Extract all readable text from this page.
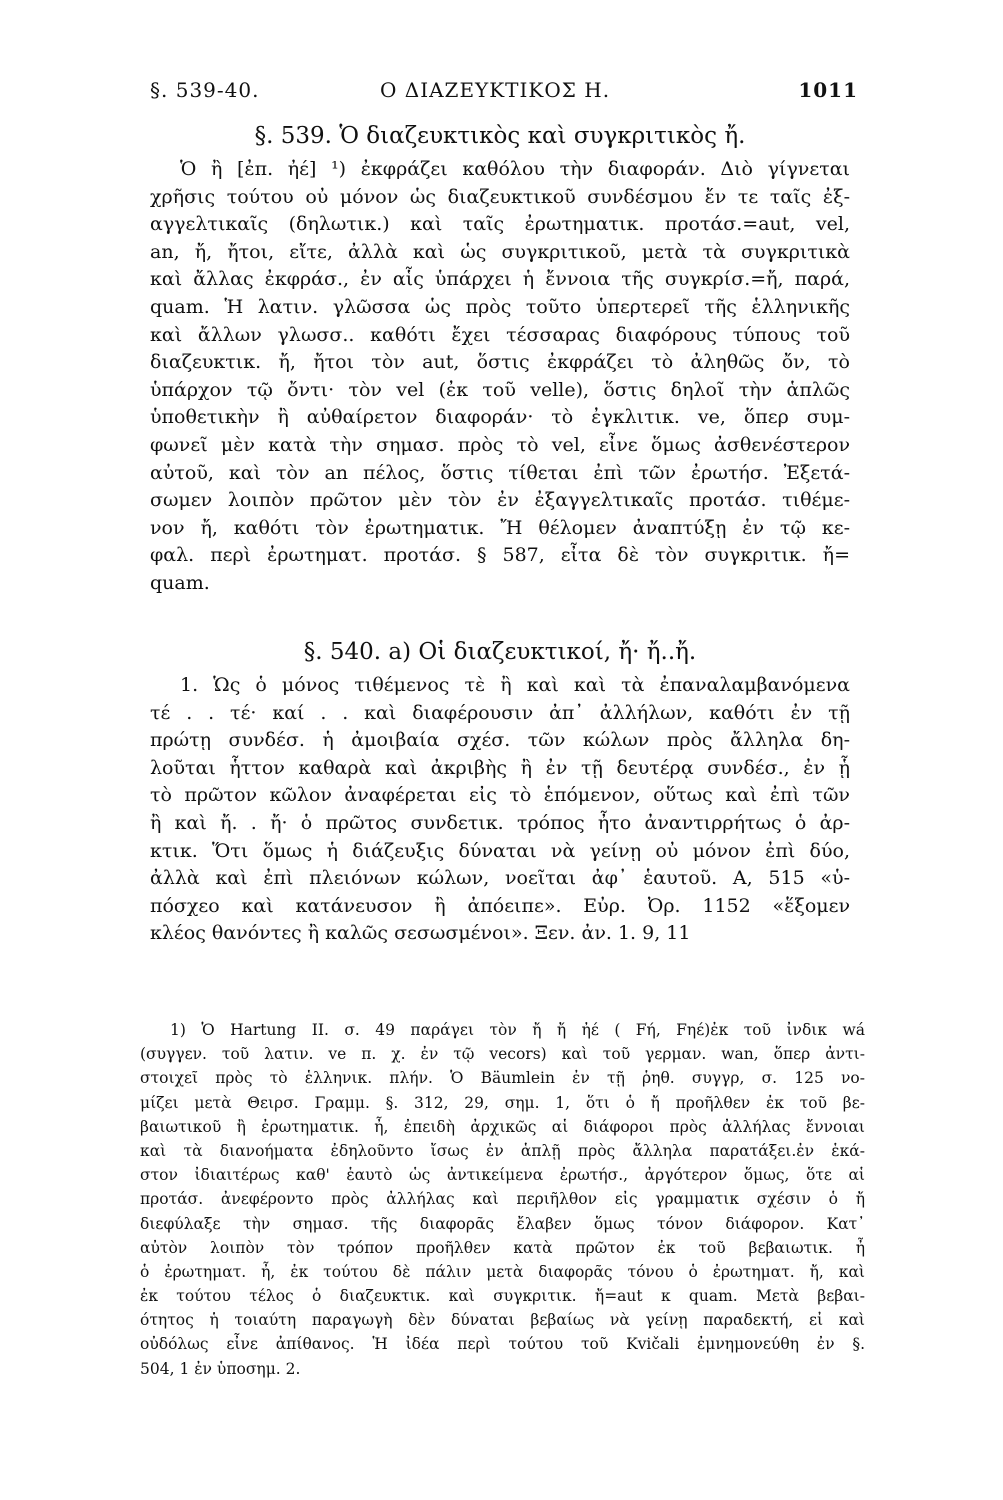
§. 539-40.	Ο ΔΙΑΖΕΥΚΤΙΚΟΣ Η.	1011
§. 539. Ὁ διαζευκτικὸς καὶ συγκριτικὸς ἤ.
Ὁ ἢ [ἐπ. ἠέ] ¹) ἐκφράζει καθόλου τὴν διαφοράν. Διὸ γίγνεται
χρῆσις τούτου οὐ μόνον ὡς διαζευκτικοῦ συνδέσμου ἔν τε ταῖς ἐξ-
αγγελτικαῖς (δηλωτικ.) καὶ ταῖς ἐρωτηματικ. προτάσ.=aut, vel,
an, ἤ, ἤτοι, εἴτε, ἀλλὰ καὶ ὡς συγκριτικοῦ, μετὰ τὰ συγκριτικὰ
καὶ ἄλλας ἐκφράσ., ἐν αἷς ὑπάρχει ἡ ἔννοια τῆς συγκρίσ.=ἤ, παρά,
quam. Ἡ λατιν. γλῶσσα ὡς πρὸς τοῦτο ὑπερτερεῖ τῆς ἑλληνικῆς
καὶ ἄλλων γλωσσ.. καθότι ἔχει τέσσαρας διαφόρους τύπους τοῦ
διαζευκτικ. ἤ, ἤτοι τὸν aut, ὅστις ἐκφράζει τὸ ἀληθῶς ὄν, τὸ
ὑπάρχον τῷ ὄντι· τὸν vel (ἐκ τοῦ velle), ὅστις δηλοῖ τὴν ἁπλῶς
ὑποθετικὴν ἢ αὐθαίρετον διαφοράν· τὸ ἐγκλιτικ. ve, ὅπερ συμ-
φωνεῖ μὲν κατὰ τὴν σημασ. πρὸς τὸ vel, εἶνε ὅμως ἀσθενέστερον
αὐτοῦ, καὶ τὸν an πέλος, ὅστις τίθεται ἐπὶ τῶν ἐρωτήσ. Ἐξετά-
σωμεν λοιπὸν πρῶτον μὲν τὸν ἐν ἐξαγγελτικαῖς προτάσ. τιθέμε-
νον ἤ, καθότι τὸν ἐρωτηματικ. Ἤ θέλομεν ἀναπτύξῃ ἐν τῷ κε-
φαλ. περὶ ἐρωτηματ. προτάσ. § 587, εἶτα δὲ τὸν συγκριτικ. ἤ=
quam.
§. 540. a) Οἱ διαζευκτικοί, ἤ· ἤ..ἤ.
1. Ὡς ὁ μόνος τιθέμενος τὲ ἢ καὶ καὶ τὰ ἐπαναλαμβανόμενα
τέ . . τέ· καί . . καὶ διαφέρουσιν ἀπ᾽ ἀλλήλων, καθότι ἐν τῇ
πρώτῃ συνδέσ. ἡ ἀμοιβαία σχέσ. τῶν κώλων πρὸς ἄλληλα δη-
λοῦται ἧττον καθαρὰ καὶ ἀκριβὴς ἢ ἐν τῇ δευτέρᾳ συνδέσ., ἐν ᾗ
τὸ πρῶτον κῶλον ἀναφέρεται εἰς τὸ ἑπόμενον, οὕτως καὶ ἐπὶ τῶν
ἢ καὶ ἤ. . ἤ· ὁ πρῶτος συνδετικ. τρόπος ἦτο ἀναντιρρήτως ὁ ἀρ-
κτικ. Ὅτι ὅμως ἡ διάζευξις δύναται νὰ γείνῃ οὐ μόνον ἐπὶ δύο,
ἀλλὰ καὶ ἐπὶ πλειόνων κώλων, νοεῖται ἀφ᾽ ἑαυτοῦ. Α, 515 «ὑ-
πόσχεο καὶ κατάνευσον ἢ ἀπόειπε». Εὐρ. Ὀρ. 1152 «ἕξομεν
κλέος θανόντες ἢ καλῶς σεσωσμένοι». Ξεν. ἀν. 1. 9, 11
1) Ὁ Hartung II. σ. 49 παράγει τὸν ἤ ἤ ἠέ ( Fή, Fηέ)ἐκ τοῦ ἰνδικ wá
(συγγεν. τοῦ λατιν. ve π. χ. ἐν τῷ vecors) καὶ τοῦ γερμαν. wan, ὅπερ ἀντι-
στοιχεῖ πρὸς τὸ ἑλληνικ. πλήν. Ὁ Bäumlein ἐν τῇ ῥηθ. συγγρ, σ. 125 νο-
μίζει μετὰ Θειρσ. Γραμμ. §. 312, 29, σημ. 1, ὅτι ὁ ἤ προῆλθεν ἐκ τοῦ βε-
βαιωτικοῦ ἢ ἐρωτηματικ. ἦ, ἐπειδὴ ἀρχικῶς αἱ διάφοροι πρὸς ἀλλήλας ἔννοιαι
καὶ τὰ διανοήματα ἐδηλοῦντο ἴσως ἐν ἁπλῇ πρὸς ἄλληλα παρατάξει.ἐν ἑκά-
στον ἰδιαιτέρως καθ' ἑαυτὸ ὡς ἀντικείμενα ἐρωτήσ., ἀργότερον ὅμως, ὅτε αἱ
προτάσ. ἀνεφέροντο πρὸς ἀλλήλας καὶ περιῆλθον εἰς γραμματικ σχέσιν ὁ ἤ
διεφύλαξε τὴν σημασ. τῆς διαφορᾶς ἔλαβεν ὅμως τόνον διάφορον. Κατ᾽
αὐτὸν λοιπὸν τὸν τρόπον προῆλθεν κατὰ πρῶτον ἐκ τοῦ βεβαιωτικ. ἦ
ὁ ἐρωτηματ. ἦ, ἐκ τούτου δὲ πάλιν μετὰ διαφορᾶς τόνου ὁ ἐρωτηματ. ἤ, καὶ
ἐκ τούτου τέλος ὁ διαζευκτικ. καὶ συγκριτικ. ἤ=aut κ quam. Μετὰ βεβαι-
ότητος ἡ τοιαύτη παραγωγὴ δὲν δύναται βεβαίως νὰ γείνῃ παραδεκτή, εἰ καὶ
οὐδόλως εἶνε ἀπίθανος. Ἡ ἰδέα περὶ τούτου τοῦ Kvičali ἐμνημονεύθη ἐν §.
504, 1 ἐν ὑποσημ. 2.
